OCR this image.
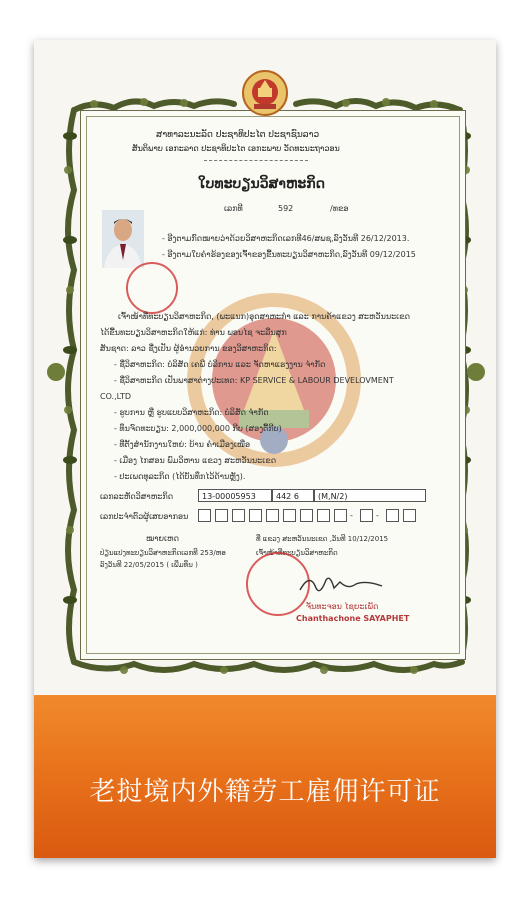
ສາທາລະນະລັດ ປະຊາທິປະໄຕ ປະຊາຊົນລາວ
ສັນຕິພາບ ເອກະລາດ ປະຊາທິປະໄຕ ເອກະພາບ ວັດທະນະຖາວອນ
ໃບທະບຽນວິສາຫະກິດ
ເລກທີ	592	/ທຂອ
- ອີງຕາມກົດໝາຍວ່າດ້ວຍວິສາຫະກິດເລກທີ46/ສພຊ,ລົງວັນທີ 26/12/2013.
- ອີງຕາມໃບຄໍາຮ້ອງຂອງເຈົ້າຂອງຂື້ນທະບຽນວິສາຫະກິດ,ລົງວັນທີ 09/12/2015
ເຈົ້າໜ້າທີ່ທະບຽນວິສາຫະກິດ, (ພະແນກ)ອຸດສາຫະກໍາ ແລະ ການຄ້າແຂວງ ສະຫວັນນະເຂດ
ໄດ້ຂື້ນທະບຽນວິສາຫະກິດໃຫ້ແກ່: ທ່ານ ພອນໄຊ ຈະລືນສຸກ
ສັນຊາດ: ລາວ ຊື່ງເປັນ ຜູ້ອໍານວຍການ ຂອງວິສາຫະກິດ:
- ຊື່ວິສາຫະກິດ: ບໍລິສັດ ເຄພີ ບໍລິການ ແລະ ຈັດຫາແຮງງານ ຈໍາກັດ
- ຊື່ວິສາຫະກິດ ເປັນພາສາຕ່າງປະເທດ: KP SERVICE & LABOUR DEVELOVMENT
CO.,LTD
- ຮູບການ ຫຼື ຮູບແບບວິສາຫະກິດ: ບໍລິສັດ ຈໍາກັດ
- ທຶນຈົດທະບຽນ: 2,000,000,000 ກີບ (ສອງຕື້ກີບ)
- ທີ່ຕັ້ງສໍານັກງານໃຫຍ່: ບ້ານ ຄໍາເມືອງເໜືອ
- ເມືອງ ໄກສອນ ພົມວິຫານ ແຂວງ ສະຫວັນນະເຂດ
- ປະເພດທຸລະກິດ (ໄດ້ບັນທຶກໄວ້ດ້ານຫຼັງ).
ເລກລະຫັດວິສາຫະກິດ	13-00005953	442 6	(M,N/2)
ເລກປະຈໍາຕົວຜູ້ເສຍອາກອນ	-	-
ໝາຍເຫດ
ປ່ຽນແປງທະບຽນວິສາຫະກິດເລກທີ 253/ຫອ
ລົງວັນທີ 22/05/2015 ( ເພີ່ມທຶນ )
ທີ່ ແຂວງ ສະຫວັນນະເຂດ ,ວັນທີ 10/12/2015
ເຈົ້າໜ້າທີ່ທະບຽນວິສາຫະກິດ
ຈັນທະຈອນ ໄຊຍະເພັດ
Chanthachone SAYAPHET
老挝境内外籍劳工雇佣许可证
